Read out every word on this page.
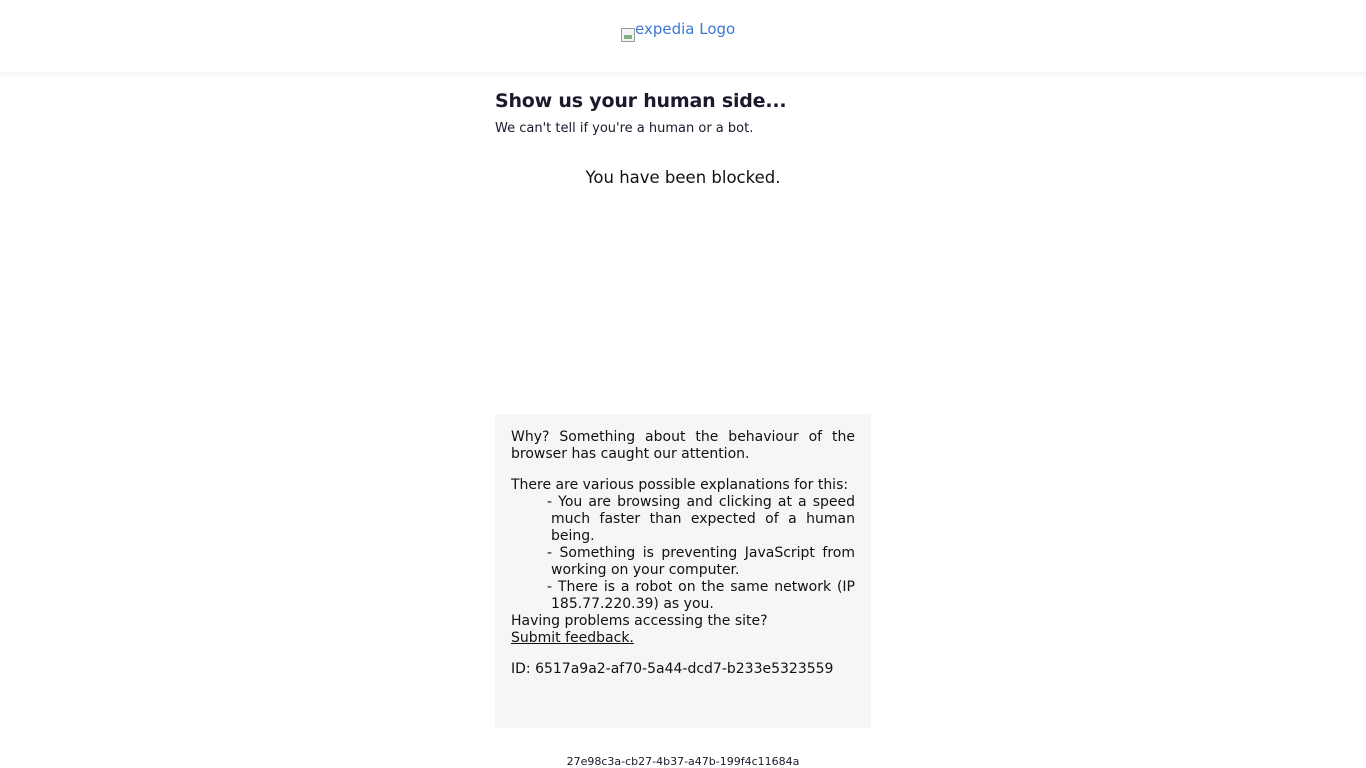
expedia Logo
Show us your human side...

We can't tell if you're a human or a bot.

You have been blocked.

Why? Something about the behaviour of the browser has caught our attention.

There are various possible explanations for this:

- You are browsing and clicking at a speed much faster than expected of a human being.
- Something is preventing JavaScript from working on your computer.
- There is a robot on the same network (IP 185.77.220.39) as you.

Having problems accessing the site?

Submit feedback.

ID: 6517a9a2-af70-5a44-dcd7-b233e5323559

27e98c3a-cb27-4b37-a47b-199f4c11684a
